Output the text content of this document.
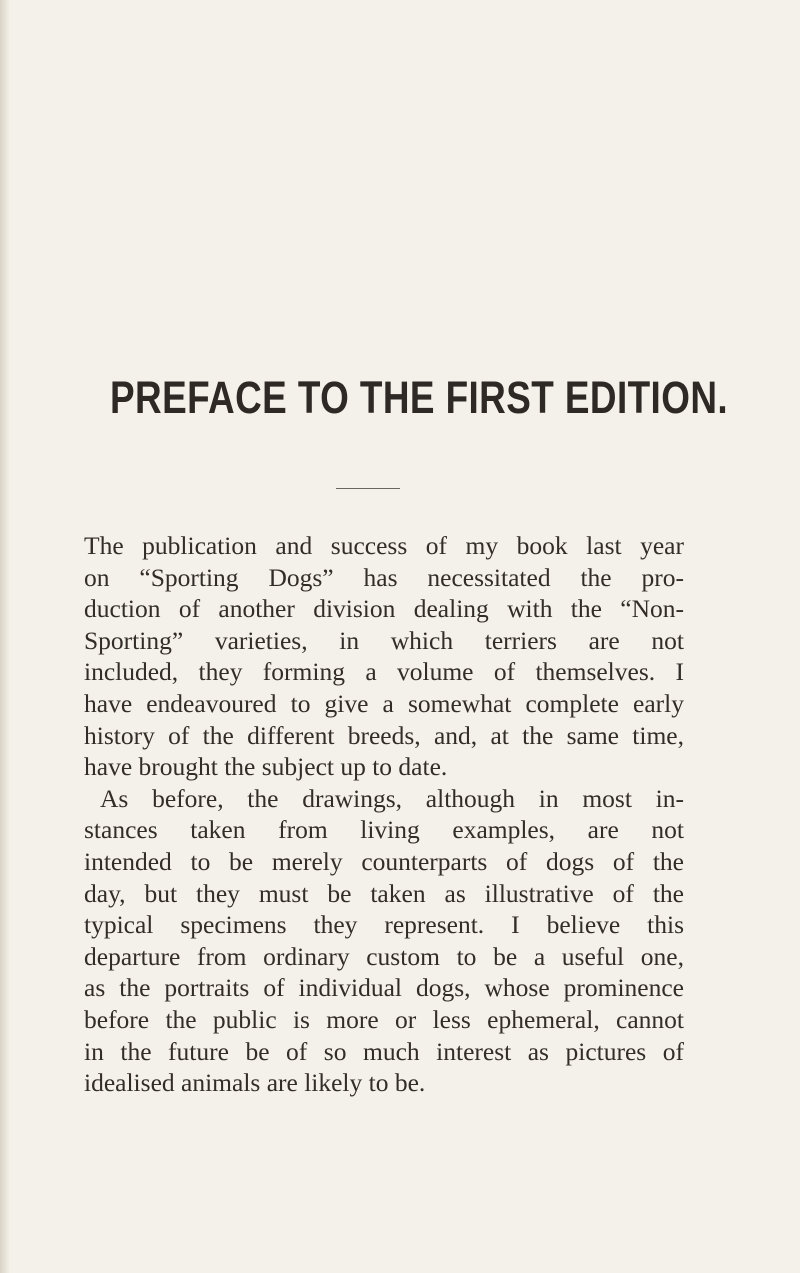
PREFACE TO THE FIRST EDITION.
The publication and success of my book last year
on “Sporting Dogs” has necessitated the pro-
duction of another division dealing with the “Non-
Sporting” varieties, in which terriers are not
included, they forming a volume of themselves. I
have endeavoured to give a somewhat complete early
history of the different breeds, and, at the same time,
have brought the subject up to date.
As before, the drawings, although in most in-
stances taken from living examples, are not
intended to be merely counterparts of dogs of the
day, but they must be taken as illustrative of the
typical specimens they represent. I believe this
departure from ordinary custom to be a useful one,
as the portraits of individual dogs, whose prominence
before the public is more or less ephemeral, cannot
in the future be of so much interest as pictures of
idealised animals are likely to be.
